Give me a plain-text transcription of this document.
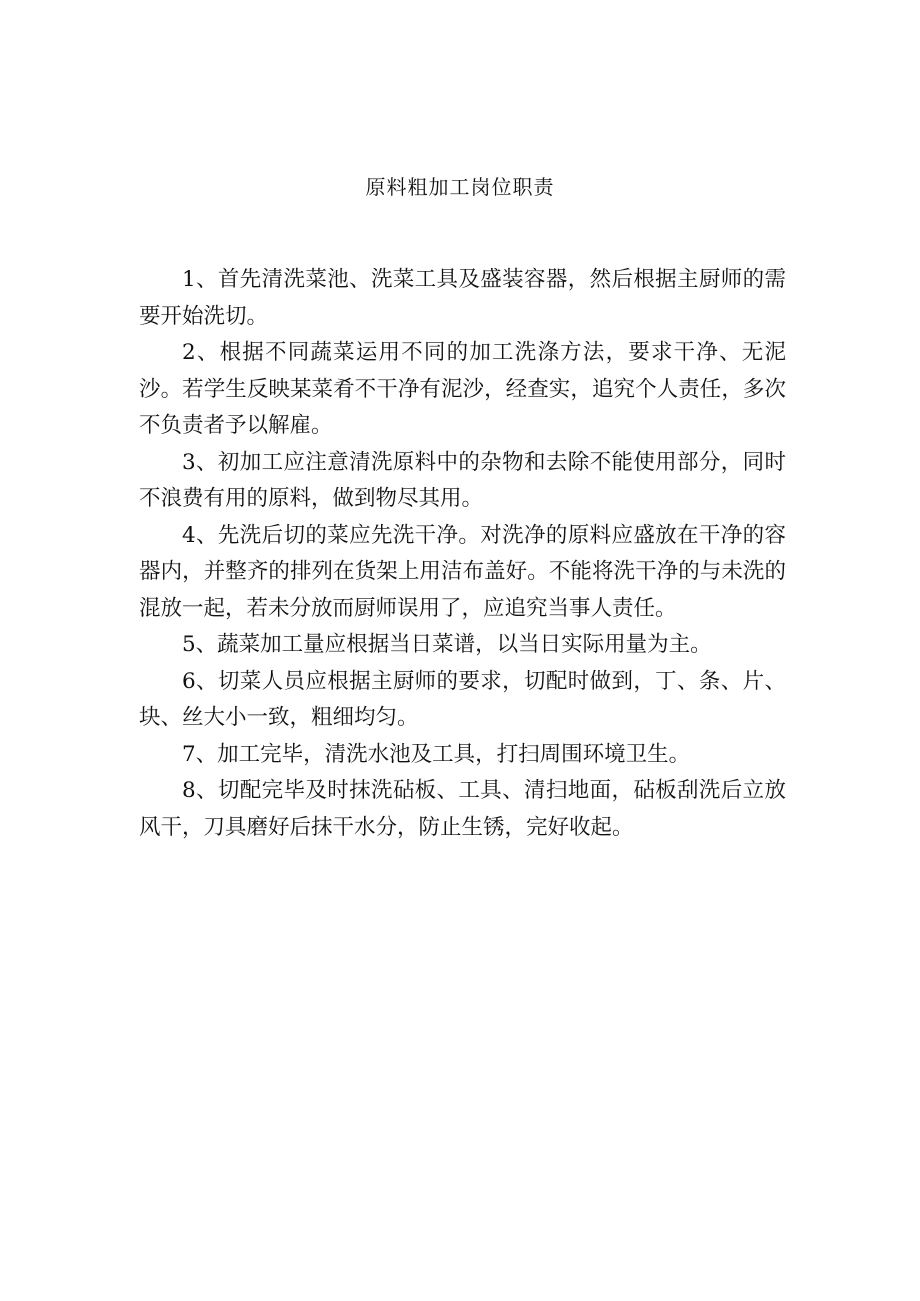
原料粗加工岗位职责

1、首先清洗菜池、洗菜工具及盛装容器，然后根据主厨师的需要开始洗切。

2、根据不同蔬菜运用不同的加工洗涤方法，要求干净、无泥沙。若学生反映某菜肴不干净有泥沙，经查实，追究个人责任，多次不负责者予以解雇。

3、初加工应注意清洗原料中的杂物和去除不能使用部分，同时不浪费有用的原料，做到物尽其用。

4、先洗后切的菜应先洗干净。对洗净的原料应盛放在干净的容器内，并整齐的排列在货架上用洁布盖好。不能将洗干净的与未洗的混放一起，若未分放而厨师误用了，应追究当事人责任。

5、蔬菜加工量应根据当日菜谱，以当日实际用量为主。

6、切菜人员应根据主厨师的要求，切配时做到，丁、条、片、块、丝大小一致，粗细均匀。

7、加工完毕，清洗水池及工具，打扫周围环境卫生。

8、切配完毕及时抹洗砧板、工具、清扫地面，砧板刮洗后立放风干，刀具磨好后抹干水分，防止生锈，完好收起。
